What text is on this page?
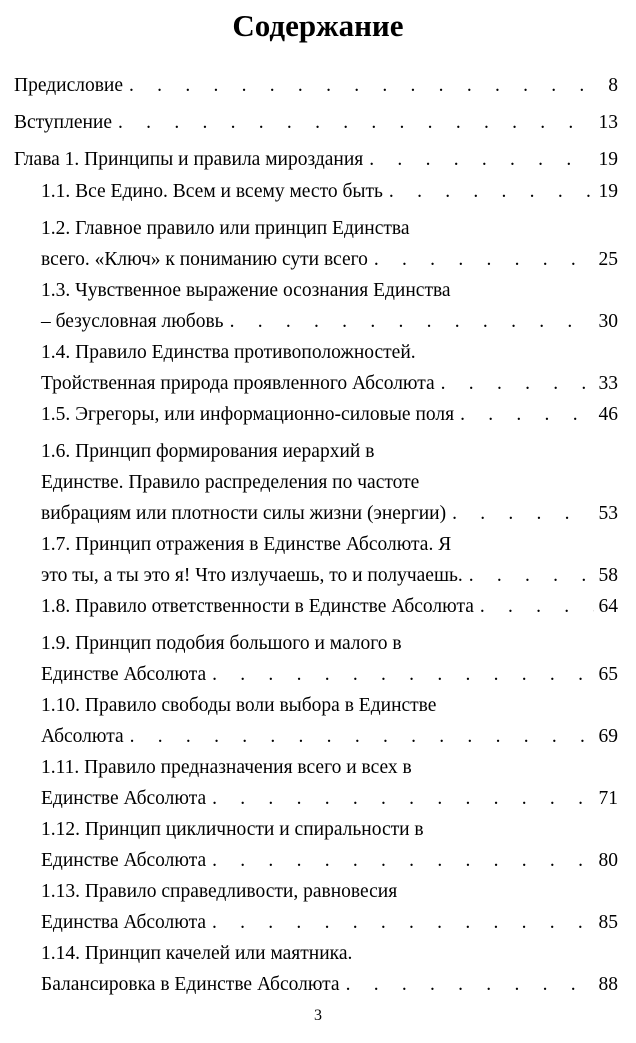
Содержание
Предисловие . . .	8
Вступление . . .	13
Глава 1. Принципы и правила мироздания . . .	19
1.1. Все Едино. Всем и всему место быть . . .	19
1.2. Главное правило или принцип Единства
всего. «Ключ» к пониманию сути всего . . .	25
1.3. Чувственное выражение осознания Единства
– безусловная любовь . . .	30
1.4. Правило Единства противоположностей.
Тройственная природа проявленного Абсолюта . . .	33
1.5. Эгрегоры, или информационно-силовые поля . . .	46
1.6. Принцип формирования иерархий в
Единстве. Правило распределения по частоте
вибрациям или плотности силы жизни (энергии) . . .	53
1.7. Принцип отражения в Единстве Абсолюта. Я
это ты, а ты это я! Что излучаешь, то и получаешь. . . .	58
1.8. Правило ответственности в Единстве Абсолюта . . .	64
1.9. Принцип подобия большого и малого в
Единстве Абсолюта . . .	65
1.10. Правило свободы воли выбора в Единстве
Абсолюта . . .	69
1.11. Правило предназначения всего и всех в
Единстве Абсолюта . . .	71
1.12. Принцип цикличности и спиральности в
Единстве Абсолюта . . .	80
1.13. Правило справедливости, равновесия
Единства Абсолюта . . .	85
1.14. Принцип качелей или маятника.
Балансировка в Единстве Абсолюта . . .	88
3
